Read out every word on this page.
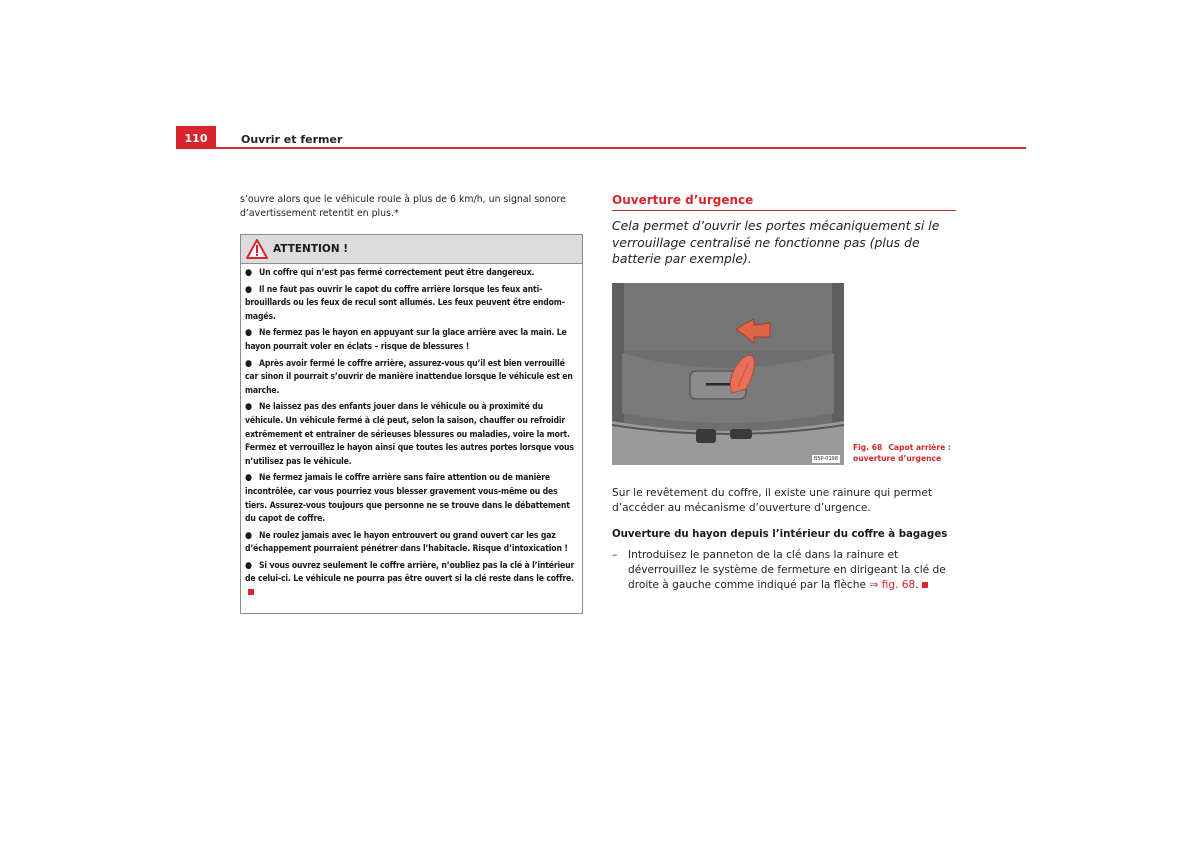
110	Ouvrir et fermer
s’ouvre alors que le véhicule roule à plus de 6 km/h, un signal sonore d’avertissement retentit en plus.*
ATTENTION !
● Un coffre qui n’est pas fermé correctement peut être dangereux.
● Il ne faut pas ouvrir le capot du coffre arrière lorsque les feux anti-brouillards ou les feux de recul sont allumés. Les feux peuvent être endommagés.
● Ne fermez pas le hayon en appuyant sur la glace arrière avec la main. Le hayon pourrait voler en éclats – risque de blessures !
● Après avoir fermé le coffre arrière, assurez-vous qu’il est bien verrouillé car sinon il pourrait s’ouvrir de manière inattendue lorsque le véhicule est en marche.
● Ne laissez pas des enfants jouer dans le véhicule ou à proximité du véhicule. Un véhicule fermé à clé peut, selon la saison, chauffer ou refroidir extrêmement et entraîner de sérieuses blessures ou maladies, voire la mort. Fermez et verrouillez le hayon ainsi que toutes les autres portes lorsque vous n’utilisez pas le véhicule.
● Ne fermez jamais le coffre arrière sans faire attention ou de manière incontrôlée, car vous pourriez vous blesser gravement vous-même ou des tiers. Assurez-vous toujours que personne ne se trouve dans le débattement du capot de coffre.
● Ne roulez jamais avec le hayon entrouvert ou grand ouvert car les gaz d’échappement pourraient pénétrer dans l’habitacle. Risque d’intoxication !
● Si vous ouvrez seulement le coffre arrière, n’oubliez pas la clé à l’intérieur de celui-ci. Le véhicule ne pourra pas être ouvert si la clé reste dans le coffre.
Ouverture d’urgence
Cela permet d’ouvrir les portes mécaniquement si le verrouillage centralisé ne fonctionne pas (plus de batterie par exemple).
B5P-0198
Fig. 68 Capot arrière : ouverture d’urgence
Sur le revêtement du coffre, il existe une rainure qui permet d’accéder au mécanisme d’ouverture d’urgence.
Ouverture du hayon depuis l’intérieur du coffre à bagages
– Introduisez le panneton de la clé dans la rainure et déverrouillez le système de fermeture en dirigeant la clé de droite à gauche comme indiqué par la flèche ⇒ fig. 68.
